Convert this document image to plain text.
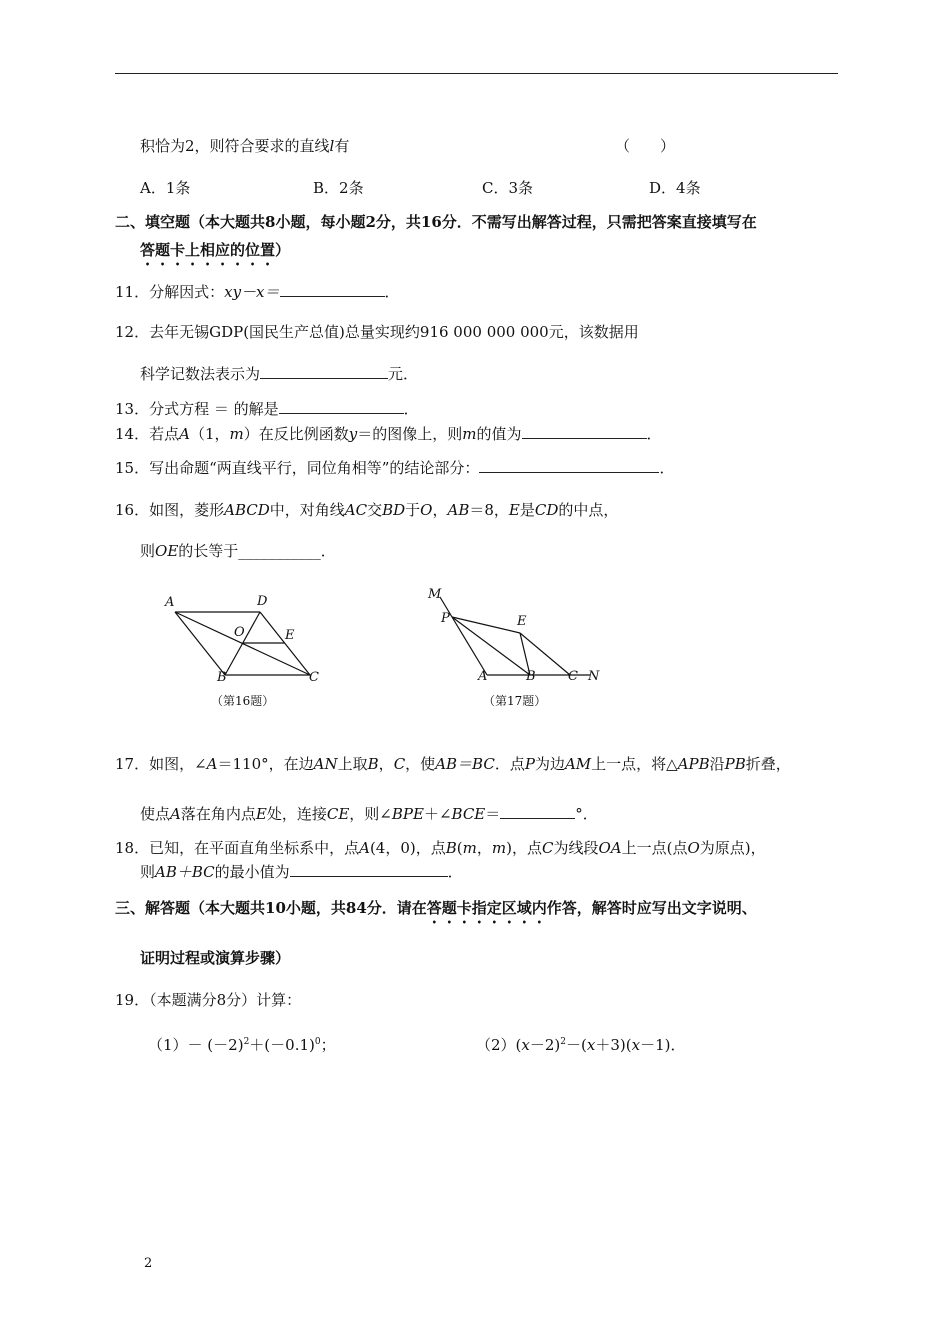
积恰为2，则符合要求的直线l有	（　　）
A．1条	B．2条	C．3条	D．4条
二、填空题（本大题共8小题，每小题2分，共16分．不需写出解答过程，只需把答案直接填写在
答题卡上相应的位置）
11．分解因式：xy－x＝	．
12．去年无锡GDP(国民生产总值)总量实现约916 000 000 000元，该数据用
科学记数法表示为	元．
13．分式方程 ＝ 的解是	．
14．若点A（1，m）在反比例函数y＝的图像上，则m的值为	．
15．写出命题“两直线平行，同位角相等”的结论部分：	．
16．如图，菱形ABCD中，对角线AC交BD于O，AB＝8，E是CD的中点，
则OE的长等于___________．
A	D
O	E
B	C
（第16题）
M
P	E
A	B C N
（第17题）
17．如图，∠A＝110°，在边AN上取B，C，使AB＝BC．点P为边AM上一点，将△APB沿PB折叠，
使点A落在角内点E处，连接CE，则∠BPE＋∠BCE＝	°．
18．已知，在平面直角坐标系中，点A(4，0)，点B(m，m)，点C为线段OA上一点(点O为原点)，
则AB＋BC的最小值为	．
三、解答题（本大题共10小题，共84分．请在答题卡指定区域内作答，解答时应写出文字说明、
证明过程或演算步骤）
19．（本题满分8分）计算：
$(1)- (-2)^2+(-0.1)^0$；	$(2)(x-2)^2-(x+3)(x-1)$．
2
